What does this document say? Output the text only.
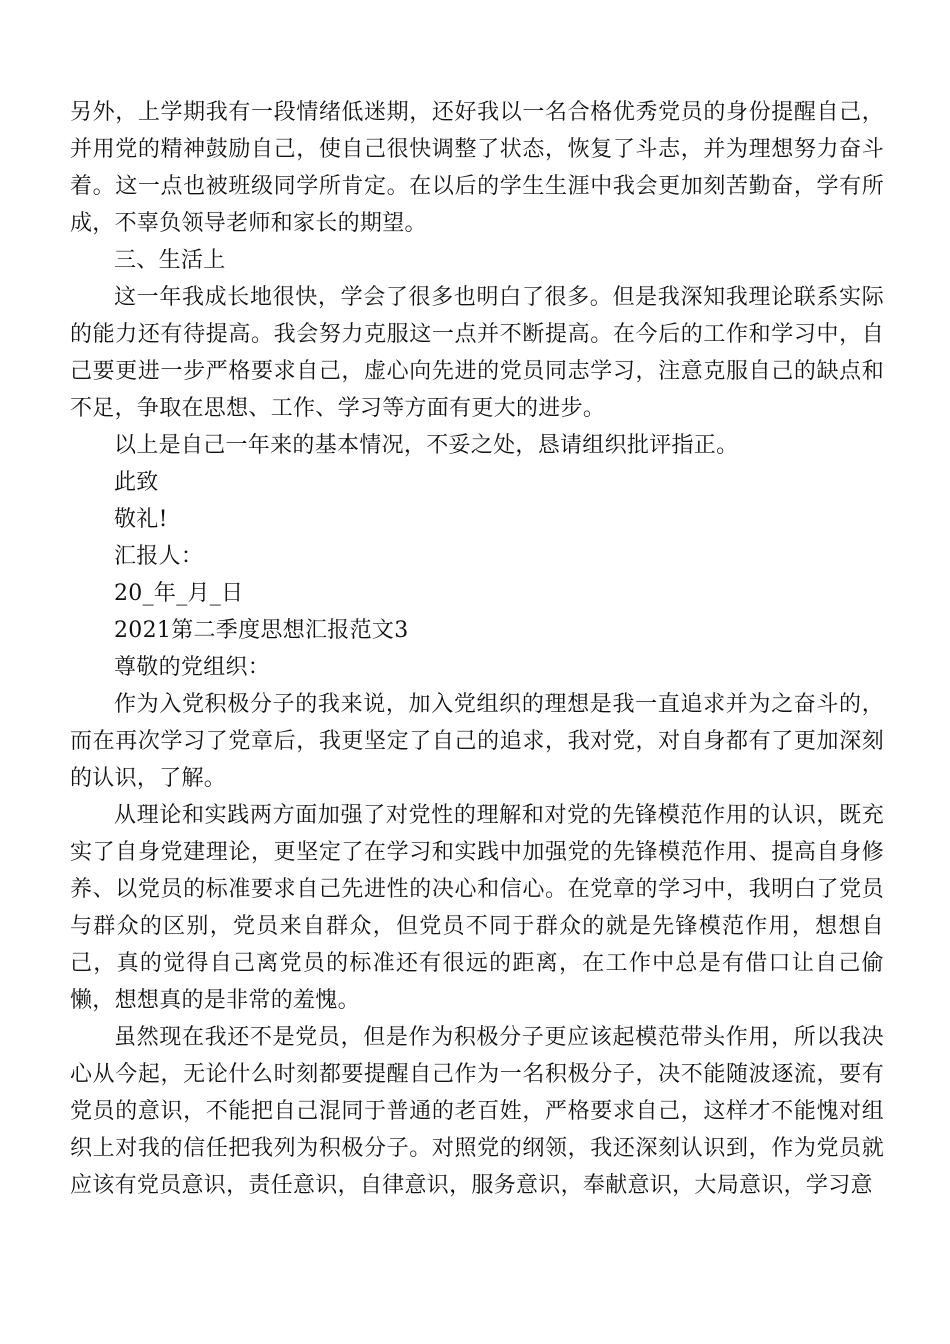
另外，上学期我有一段情绪低迷期，还好我以一名合格优秀党员的身份提醒自己，并用党的精神鼓励自己，使自己很快调整了状态，恢复了斗志，并为理想努力奋斗着。这一点也被班级同学所肯定。在以后的学生生涯中我会更加刻苦勤奋，学有所成，不辜负领导老师和家长的期望。

三、生活上

这一年我成长地很快，学会了很多也明白了很多。但是我深知我理论联系实际的能力还有待提高。我会努力克服这一点并不断提高。在今后的工作和学习中，自己要更进一步严格要求自己，虚心向先进的党员同志学习，注意克服自己的缺点和不足，争取在思想、工作、学习等方面有更大的进步。

以上是自己一年来的基本情况，不妥之处，恳请组织批评指正。

此致

敬礼!

汇报人：

20_年_月_日

2021第二季度思想汇报范文3

尊敬的党组织：

作为入党积极分子的我来说，加入党组织的理想是我一直追求并为之奋斗的，而在再次学习了党章后，我更坚定了自己的追求，我对党，对自身都有了更加深刻的认识，了解。

从理论和实践两方面加强了对党性的理解和对党的先锋模范作用的认识，既充实了自身党建理论，更坚定了在学习和实践中加强党的先锋模范作用、提高自身修养、以党员的标准要求自己先进性的决心和信心。在党章的学习中，我明白了党员与群众的区别，党员来自群众，但党员不同于群众的就是先锋模范作用，想想自己，真的觉得自己离党员的标准还有很远的距离，在工作中总是有借口让自己偷懒，想想真的是非常的羞愧。

虽然现在我还不是党员，但是作为积极分子更应该起模范带头作用，所以我决心从今起，无论什么时刻都要提醒自己作为一名积极分子，决不能随波逐流，要有党员的意识，不能把自己混同于普通的老百姓，严格要求自己，这样才不能愧对组织上对我的信任把我列为积极分子。对照党的纲领，我还深刻认识到，作为党员就应该有党员意识，责任意识，自律意识，服务意识，奉献意识，大局意识，学习意
